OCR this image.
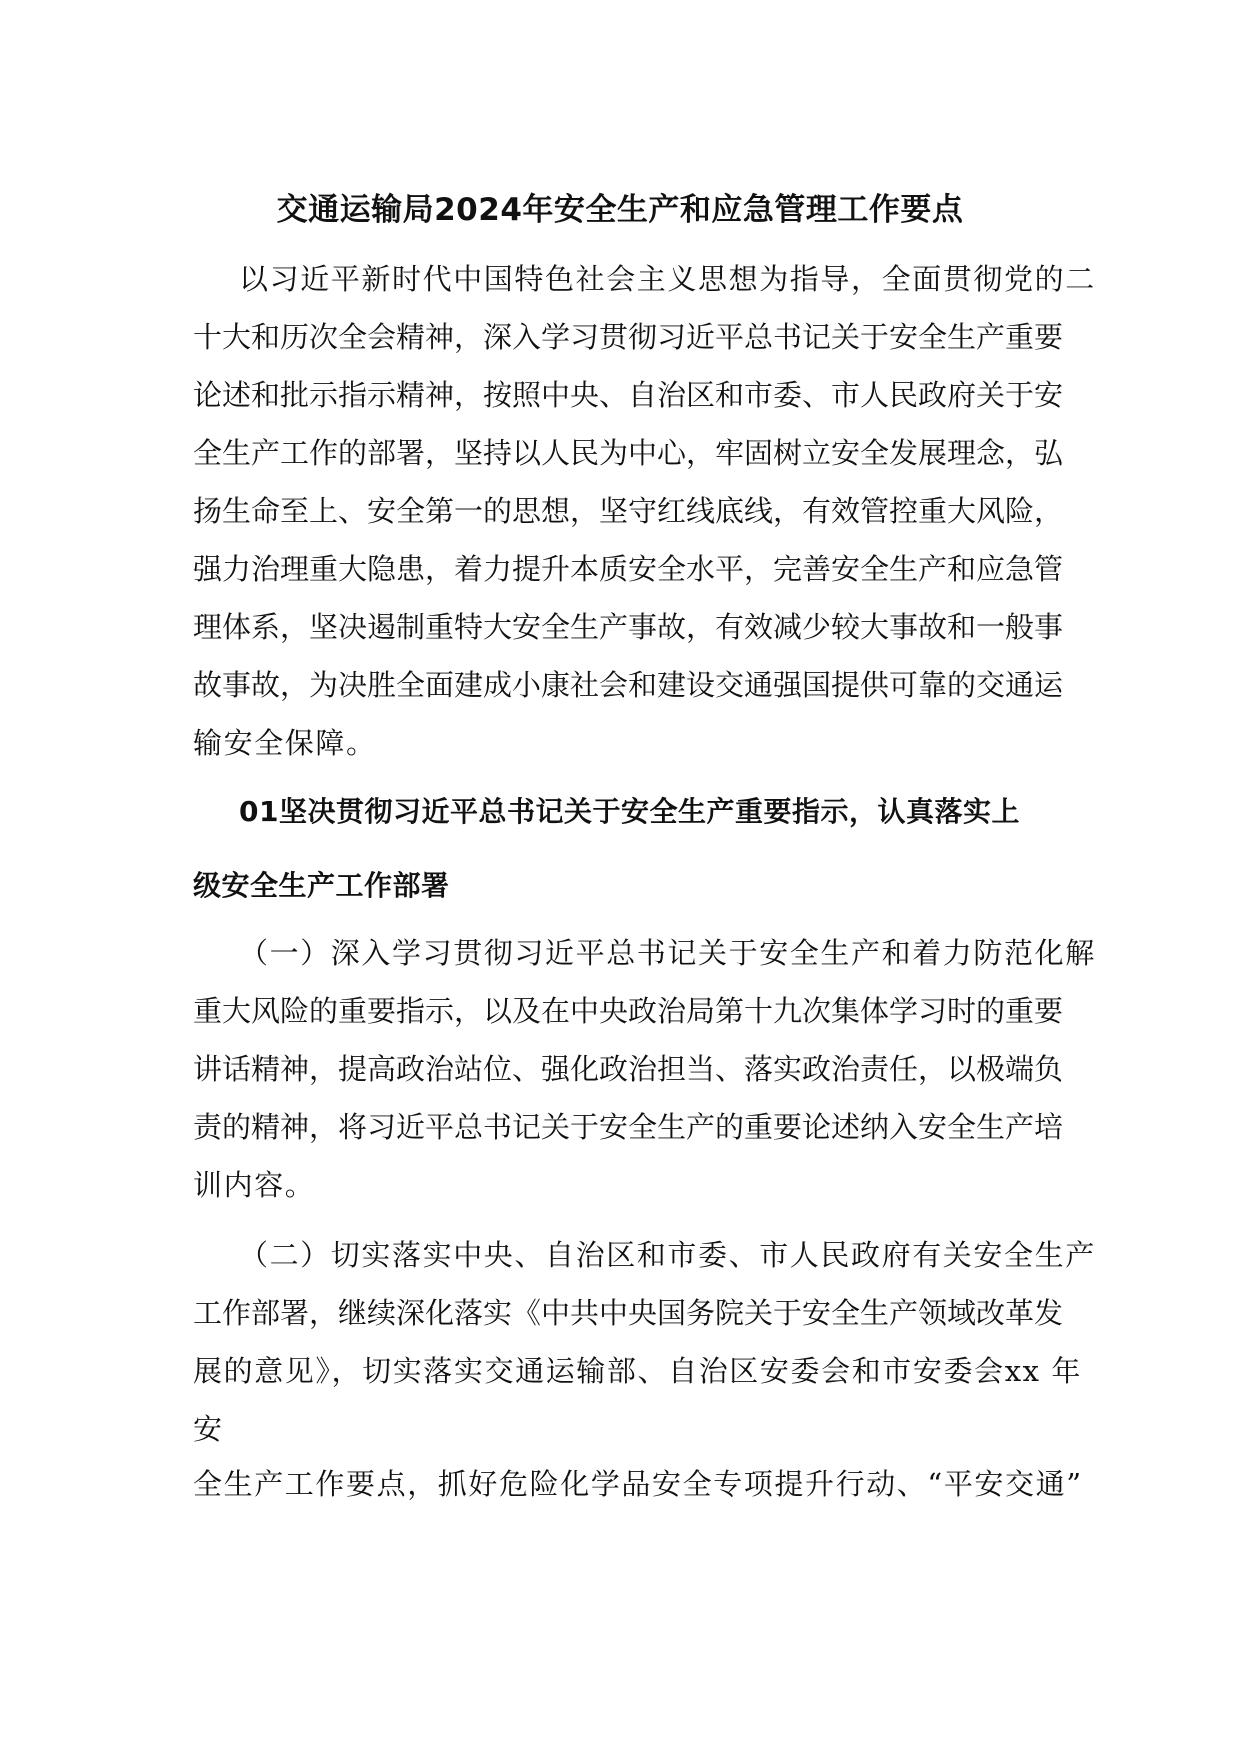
交通运输局2024年安全生产和应急管理工作要点
以习近平新时代中国特色社会主义思想为指导，全面贯彻党的二
十大和历次全会精神，深入学习贯彻习近平总书记关于安全生产重要
论述和批示指示精神，按照中央、自治区和市委、市人民政府关于安
全生产工作的部署，坚持以人民为中心，牢固树立安全发展理念，弘
扬生命至上、安全第一的思想，坚守红线底线，有效管控重大风险，
强力治理重大隐患，着力提升本质安全水平，完善安全生产和应急管
理体系，坚决遏制重特大安全生产事故，有效减少较大事故和一般事
故事故，为决胜全面建成小康社会和建设交通强国提供可靠的交通运
输安全保障。
01坚决贯彻习近平总书记关于安全生产重要指示，认真落实上
级安全生产工作部署
（一）深入学习贯彻习近平总书记关于安全生产和着力防范化解
重大风险的重要指示，以及在中央政治局第十九次集体学习时的重要
讲话精神，提高政治站位、强化政治担当、落实政治责任，以极端负
责的精神，将习近平总书记关于安全生产的重要论述纳入安全生产培
训内容。
（二）切实落实中央、自治区和市委、市人民政府有关安全生产
工作部署，继续深化落实《中共中央国务院关于安全生产领域改革发
展的意见》，切实落实交通运输部、自治区安委会和市安委会xx 年
安
全生产工作要点，抓好危险化学品安全专项提升行动、“平安交通”
